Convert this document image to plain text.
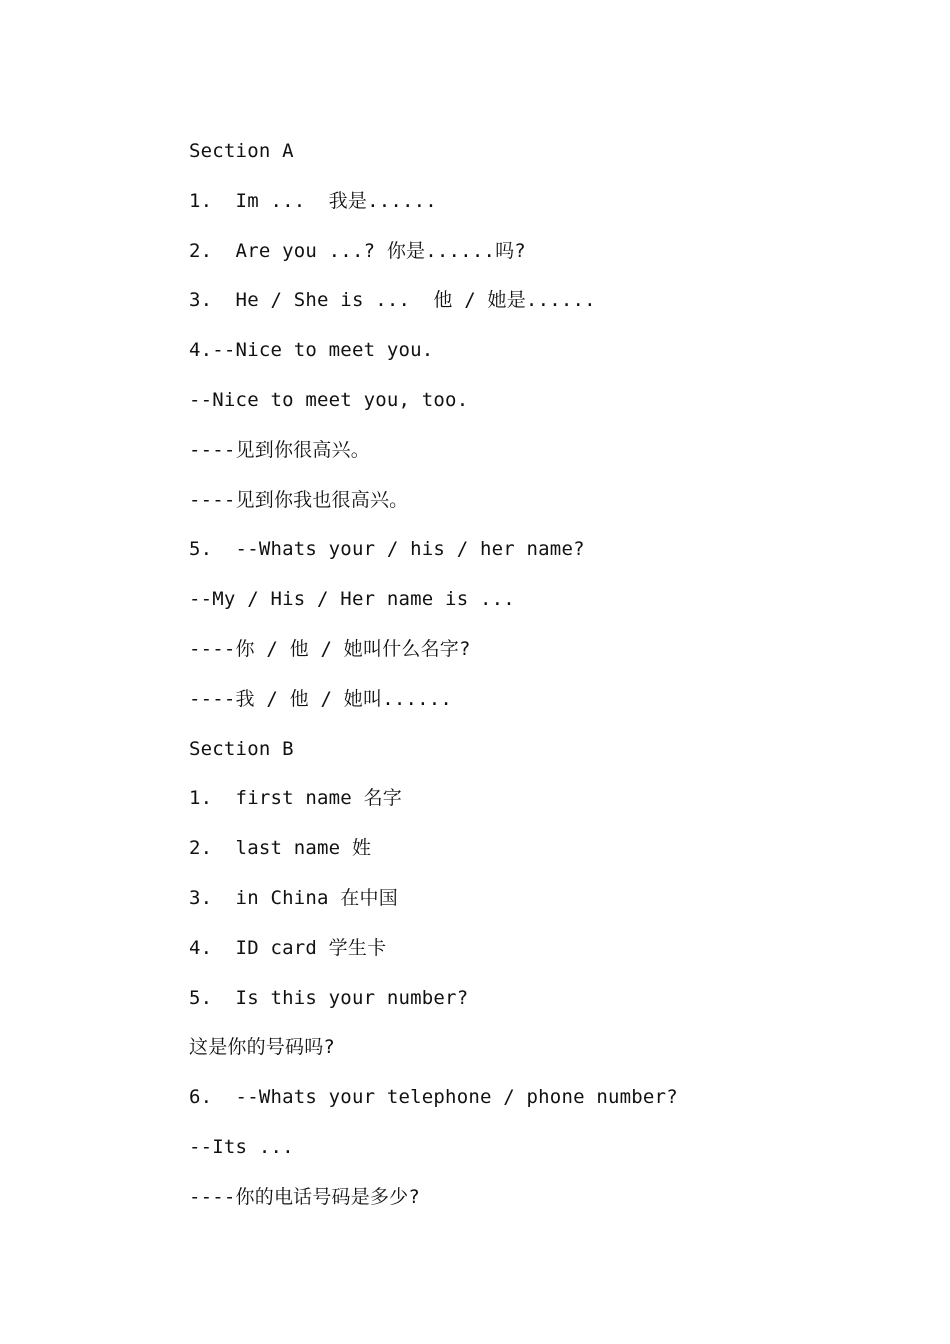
Section A
1.  Im ...  我是......
2.  Are you ...? 你是......吗?
3.  He / She is ...  他 / 她是......
4.--Nice to meet you.
--Nice to meet you, too.
----见到你很高兴。
----见到你我也很高兴。
5.  --Whats your / his / her name?
--My / His / Her name is ...
----你 / 他 / 她叫什么名字?
----我 / 他 / 她叫......
Section B
1.  first name 名字
2.  last name 姓
3.  in China 在中国
4.  ID card 学生卡
5.  Is this your number?
这是你的号码吗?
6.  --Whats your telephone / phone number?
--Its ...
----你的电话号码是多少?
